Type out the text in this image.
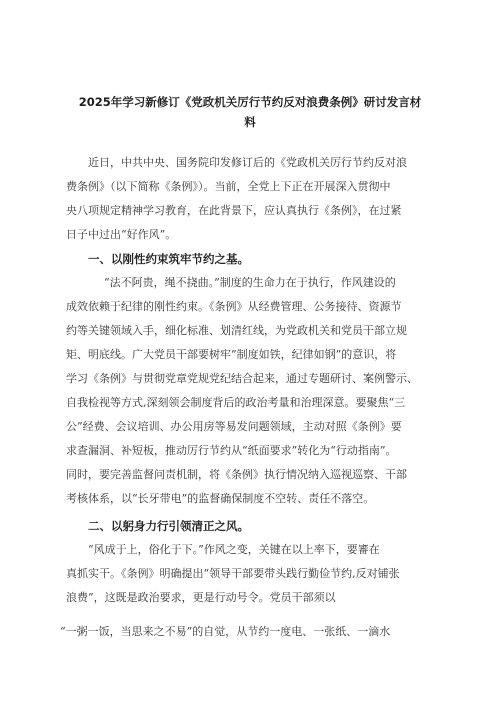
2025年学习新修订《党政机关厉行节约反对浪费条例》研讨发言材
料
近日，中共中央、国务院印发修订后的《党政机关厉行节约反对浪
费条例》（以下简称《条例》）。当前，全党上下正在开展深入贯彻中
央八项规定精神学习教育，在此背景下，应认真执行《条例》，在过紧
日子中过出“好作风”。
一、以刚性约束筑牢节约之基。
“法不阿贵，绳不挠曲。”制度的生命力在于执行，作风建设的
成效依赖于纪律的刚性约束。《条例》从经费管理、公务接待、资源节
约等关键领域入手，细化标准、划清红线，为党政机关和党员干部立规
矩、明底线。广大党员干部要树牢”制度如铁，纪律如钢”的意识，将
学习《条例》与贯彻党章党规党纪结合起来，通过专题研讨、案例警示、
自我检视等方式,深刻领会制度背后的政治考量和治理深意。要聚焦“三
公”经费、会议培训、办公用房等易发问题领域，主动对照《条例》要
求查漏洞、补短板，推动厉行节约从“纸面要求”转化为“行动指南”。
同时，要完善监督问责机制，将《条例》执行情况纳入巡视巡察、干部
考核体系，以“长牙带电”的监督确保制度不空转、责任不落空。
二、以躬身力行引领清正之风。
“风成于上，俗化于下。”作风之变，关键在以上率下，要審在
真抓实干。《条例》明确提出“领导干部要带头践行勤俭节约,反对铺张
浪费”，这既是政治要求，更是行动号令。党员干部须以
“一粥一饭，当思来之不易”的自觉，从节约一度电、一张纸、一滴水
